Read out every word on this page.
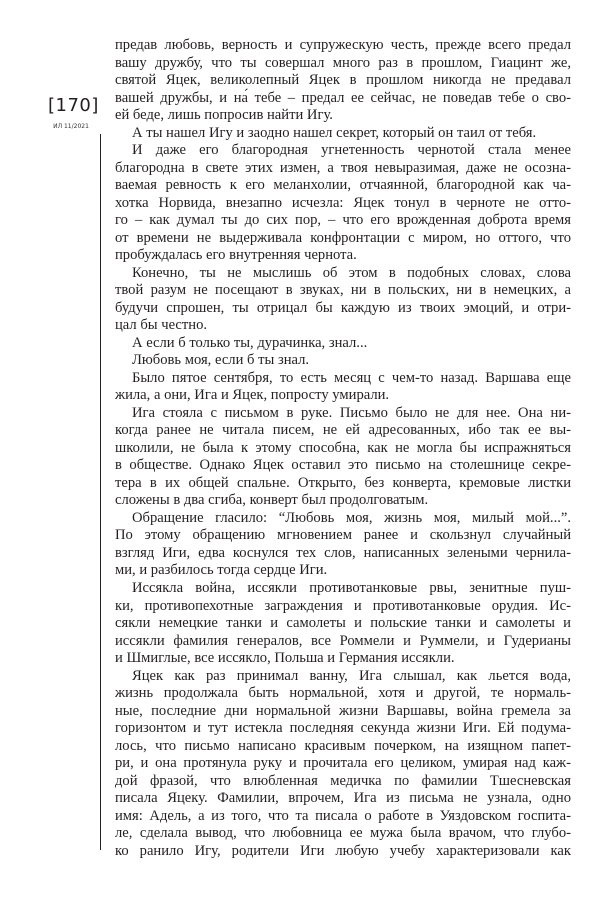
[170]
ИЛ 11/2021
предав любовь, верность и супружескую честь, прежде всего предал
вашу дружбу, что ты совершал много раз в прошлом, Гиацинт же,
святой Яцек, великолепный Яцек в прошлом никогда не предавал
вашей дружбы, и на́ тебе – предал ее сейчас, не поведав тебе о сво-
ей беде, лишь попросив найти Игу.
А ты нашел Игу и заодно нашел секрет, который он таил от тебя.
И даже его благородная угнетенность чернотой стала менее
благородна в свете этих измен, а твоя невыразимая, даже не осозна-
ваемая ревность к его меланхолии, отчаянной, благородной как ча-
хотка Норвида, внезапно исчезла: Яцек тонул в черноте не отто-
го – как думал ты до сих пор, – что его врожденная доброта время
от времени не выдерживала конфронтации с миром, но оттого, что
пробуждалась его внутренняя чернота.
Конечно, ты не мыслишь об этом в подобных словах, слова
твой разум не посещают в звуках, ни в польских, ни в немецких, а
будучи спрошен, ты отрицал бы каждую из твоих эмоций, и отри-
цал бы честно.
А если б только ты, дурачинка, знал...
Любовь моя, если б ты знал.
Было пятое сентября, то есть месяц с чем-то назад. Варшава еще
жила, а они, Ига и Яцек, попросту умирали.
Ига стояла с письмом в руке. Письмо было не для нее. Она ни-
когда ранее не читала писем, не ей адресованных, ибо так ее вы-
школили, не была к этому способна, как не могла бы испражняться
в обществе. Однако Яцек оставил это письмо на столешнице секре-
тера в их общей спальне. Открыто, без конверта, кремовые листки
сложены в два сгиба, конверт был продолговатым.
Обращение гласило: “Любовь моя, жизнь моя, милый мой...”.
По этому обращению мгновением ранее и скользнул случайный
взгляд Иги, едва коснулся тех слов, написанных зелеными чернила-
ми, и разбилось тогда сердце Иги.
Иссякла война, иссякли противотанковые рвы, зенитные пуш-
ки, противопехотные заграждения и противотанковые орудия. Ис-
сякли немецкие танки и самолеты и польские танки и самолеты и
иссякли фамилия генералов, все Роммели и Руммели, и Гудерианы
и Шмиглые, все иссякло, Польша и Германия иссякли.
Яцек как раз принимал ванну, Ига слышал, как льется вода,
жизнь продолжала быть нормальной, хотя и другой, те нормаль-
ные, последние дни нормальной жизни Варшавы, война гремела за
горизонтом и тут истекла последняя секунда жизни Иги. Ей подума-
лось, что письмо написано красивым почерком, на изящном папет-
ри, и она протянула руку и прочитала его целиком, умирая над каж-
дой фразой, что влюбленная медичка по фамилии Тшесневская
писала Яцеку. Фамилии, впрочем, Ига из письма не узнала, одно
имя: Адель, а из того, что та писала о работе в Уяздовском госпита-
ле, сделала вывод, что любовница ее мужа была врачом, что глубо-
ко ранило Игу, родители Иги любую учебу характеризовали как
